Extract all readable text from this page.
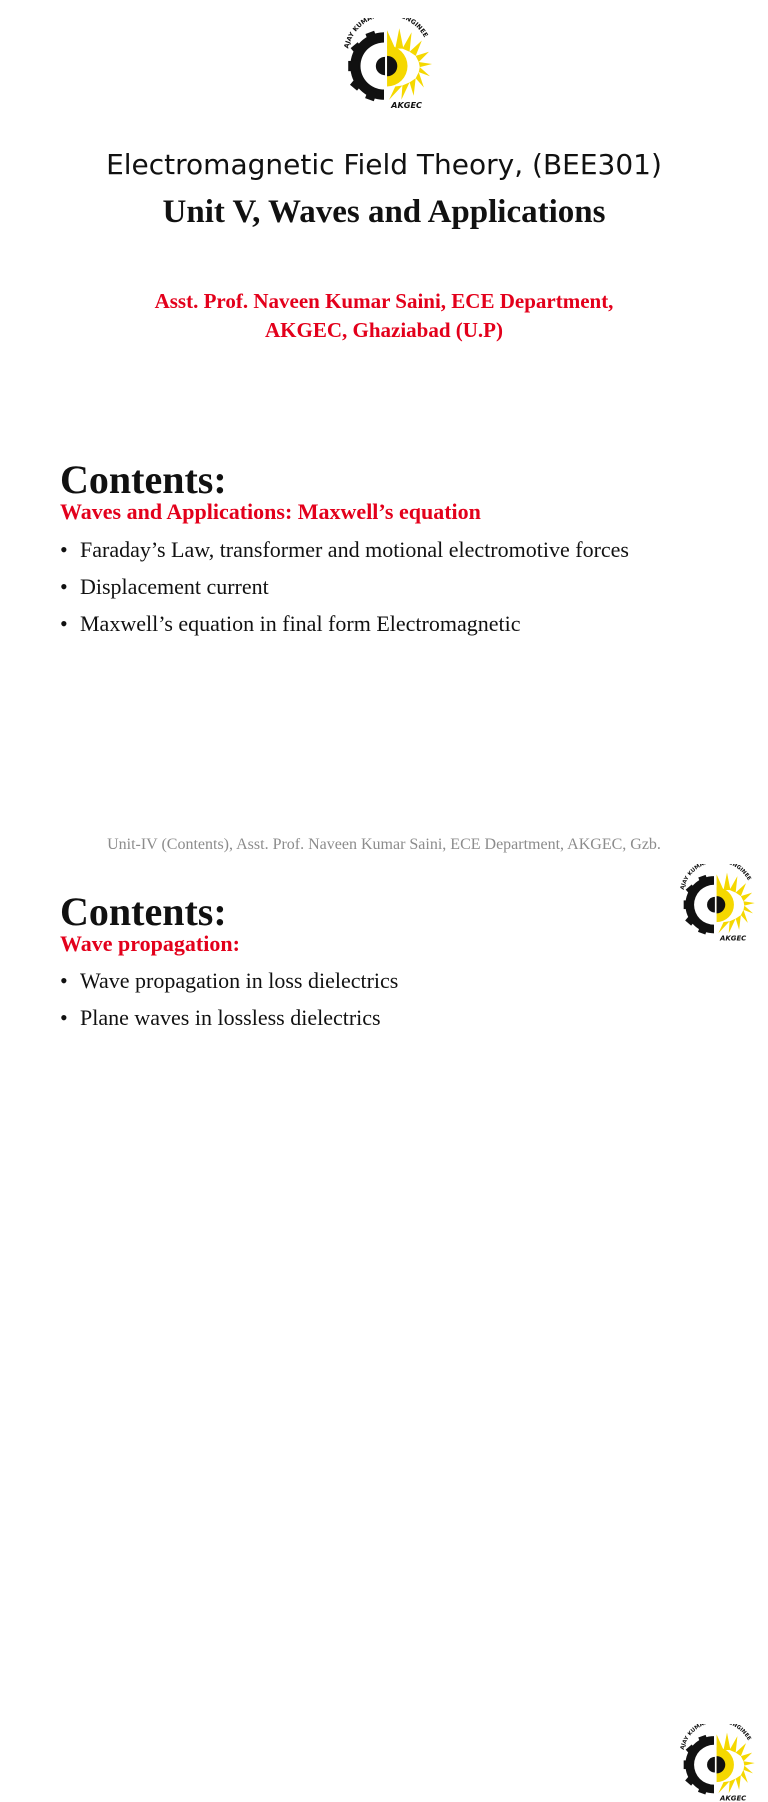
Electromagnetic Field Theory, (BEE301)
Unit V, Waves and Applications
Asst. Prof. Naveen Kumar Saini, ECE Department,
AKGEC, Ghaziabad (U.P)
Contents:
Waves and Applications: Maxwell’s equation
• Faraday’s Law, transformer and motional electromotive forces
• Displacement current
• Maxwell’s equation in final form Electromagnetic
Unit-IV (Contents), Asst. Prof. Naveen Kumar Saini, ECE Department, AKGEC, Gzb.
Contents:
Wave propagation:
• Wave propagation in loss dielectrics
• Plane waves in lossless dielectrics
